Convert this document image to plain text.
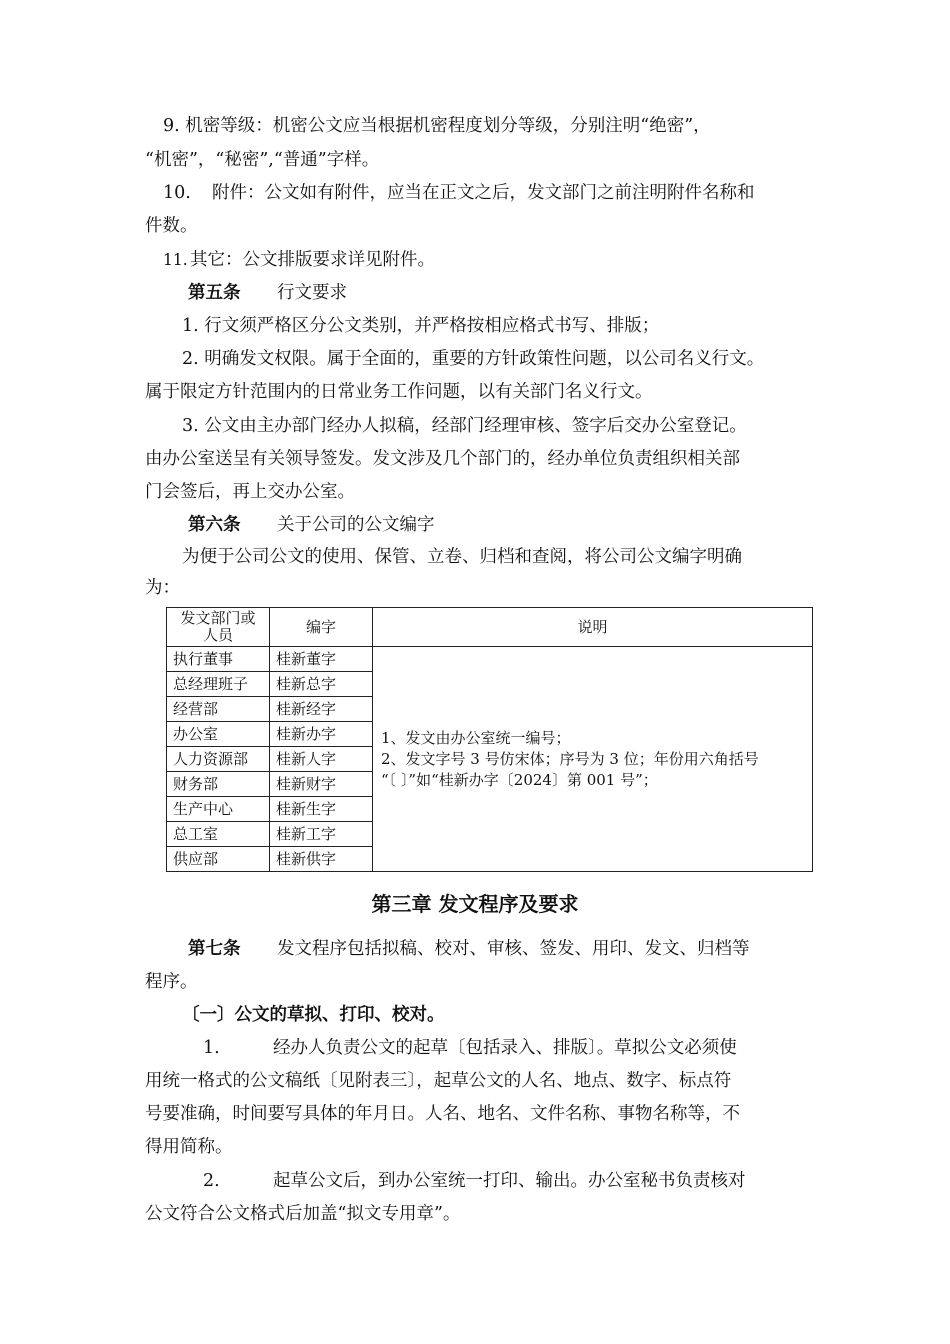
9. 机密等级：机密公文应当根据机密程度划分等级，分别注明“绝密”，
“机密”，“秘密”,“普通”字样。
10. 附件：公文如有附件，应当在正文之后，发文部门之前注明附件名称和
件数。
11. 其它：公文排版要求详见附件。
第五条 行文要求
1. 行文须严格区分公文类别，并严格按相应格式书写、排版；
2. 明确发文权限。属于全面的，重要的方针政策性问题，以公司名义行文。
属于限定方针范围内的日常业务工作问题，以有关部门名义行文。
3. 公文由主办部门经办人拟稿，经部门经理审核、签字后交办公室登记。
由办公室送呈有关领导签发。发文涉及几个部门的，经办单位负责组织相关部
门会签后，再上交办公室。
第六条 关于公司的公文编字
为便于公司公文的使用、保管、立卷、归档和查阅，将公司公文编字明确
为：
发文部门或
人员	编字	说明
执行董事	桂新董字	1、发文由办公室统一编号；
2、发文字号 3 号仿宋体；序号为 3 位；年份用六角括号
“〔 〕”如“桂新办字〔2024〕第 001 号”；

总经理班子	桂新总字	
经营部	桂新经字	
办公室	桂新办字	
人力资源部	桂新人字	
财务部	桂新财字	
生产中心	桂新生字	
总工室	桂新工字	
供应部	桂新供字	
第三章 发文程序及要求
第七条 发文程序包括拟稿、校对、审核、签发、用印、发文、归档等
程序。
〔一〕公文的草拟、打印、校对。
1.	经办人负责公文的起草〔包括录入、排版〕。草拟公文必须使
用统一格式的公文稿纸〔见附表三〕，起草公文的人名、地点、数字、标点符
号要准确，时间要写具体的年月日。人名、地名、文件名称、事物名称等，不
得用简称。
2.	起草公文后，到办公室统一打印、输出。办公室秘书负责核对
公文符合公文格式后加盖“拟文专用章”。
